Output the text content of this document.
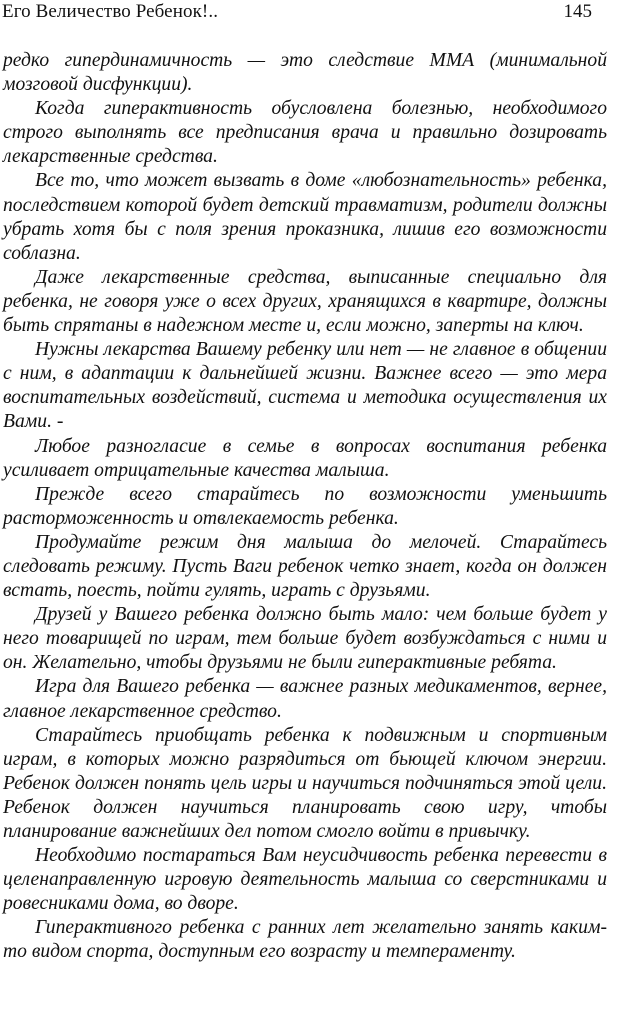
Его Величество Ребенок!..	145

редко гипердинамичность — это следствие ММА (минимальной мозговой дисфункции).

Когда гиперактивность обусловлена болезнью, необходимого строго выполнять все предписания врача и правильно дозировать лекарственные средства.

Все то, что может вызвать в доме «любознательность» ребенка, последствием которой будет детский травматизм, родители должны убрать хотя бы с поля зрения проказника, лишив его возможности соблазна.

Даже лекарственные средства, выписанные специально для ребенка, не говоря уже о всех других, хранящихся в квартире, должны быть спрятаны в надежном месте и, если можно, заперты на ключ.

Нужны лекарства Вашему ребенку или нет — не главное в общении с ним, в адаптации к дальнейшей жизни. Важнее всего — это мера воспитательных воздействий, система и методика осуществления их Вами. -

Любое разногласие в семье в вопросах воспитания ребенка усиливает отрицательные качества малыша.

Прежде всего старайтесь по возможности уменьшить расторможенность и отвлекаемость ребенка.

Продумайте режим дня малыша до мелочей. Старайтесь следовать режиму. Пусть Ваги ребенок четко знает, когда он должен встать, поесть, пойти гулять, играть с друзьями.

Друзей у Вашего ребенка должно быть мало: чем больше будет у него товарищей по играм, тем больше будет возбуждаться с ними и он. Желательно, чтобы друзьями не были гиперактивные ребята.

Игра для Вашего ребенка — важнее разных медикаментов, вернее, главное лекарственное средство.

Старайтесь приобщать ребенка к подвижным и спортивным играм, в которых можно разрядиться от бьющей ключом энергии. Ребенок должен понять цель игры и научиться подчиняться этой цели. Ребенок должен научиться планировать свою игру, чтобы планирование важнейших дел потом смогло войти в привычку.

Необходимо постараться Вам неусидчивость ребенка перевести в целенаправленную игровую деятельность малыша со сверстниками и ровесниками дома, во дворе.

Гиперактивного ребенка с ранних лет желательно занять каким-то видом спорта, доступным его возрасту и темпераменту.
